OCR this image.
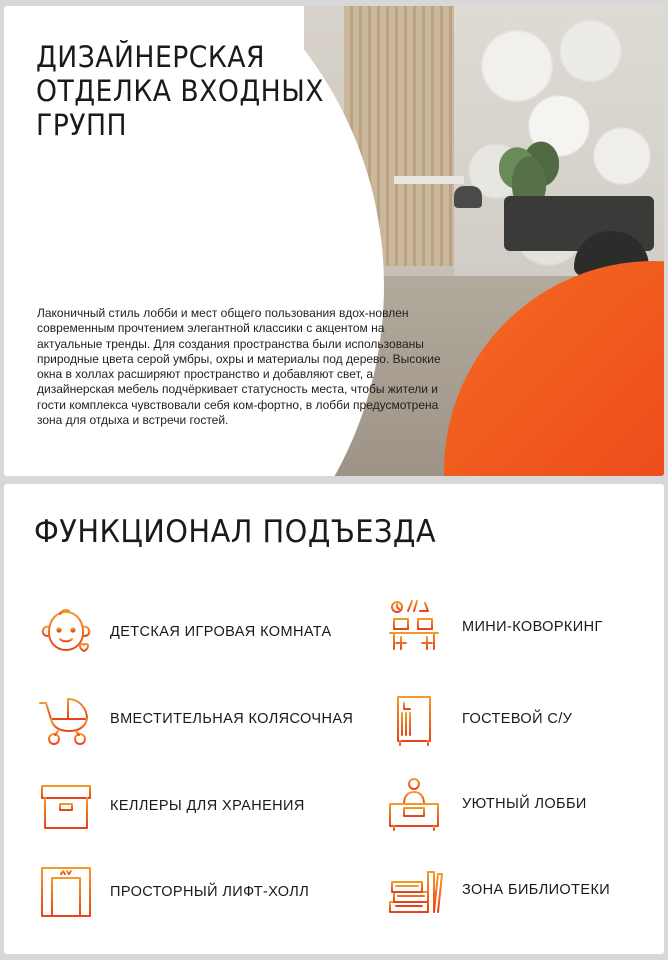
ДИЗАЙНЕРСКАЯ
ОТДЕЛКА ВХОДНЫХ
ГРУПП

Лаконичный стиль лобби и мест общего пользования вдох-новлен современным прочтением элегантной классики с акцентом на актуальные тренды. Для создания пространства были использованы природные цвета серой умбры, охры и материалы под дерево. Высокие окна в холлах расширяют пространство и добавляют свет, а дизайнерская мебель подчёркивает статусность места, чтобы жители и гости комплекса чувствовали себя ком-фортно, в лобби предусмотрена зона для отдыха и встречи гостей.

ФУНКЦИОНАЛ ПОДЪЕЗДА
ДЕТСКАЯ ИГРОВАЯ КОМНАТА	МИНИ-КОВОРКИНГ
ВМЕСТИТЕЛЬНАЯ КОЛЯСОЧНАЯ	ГОСТЕВОЙ С/У
КЕЛЛЕРЫ ДЛЯ ХРАНЕНИЯ	УЮТНЫЙ ЛОББИ
ПРОСТОРНЫЙ ЛИФТ-ХОЛЛ	ЗОНА БИБЛИОТЕКИ
